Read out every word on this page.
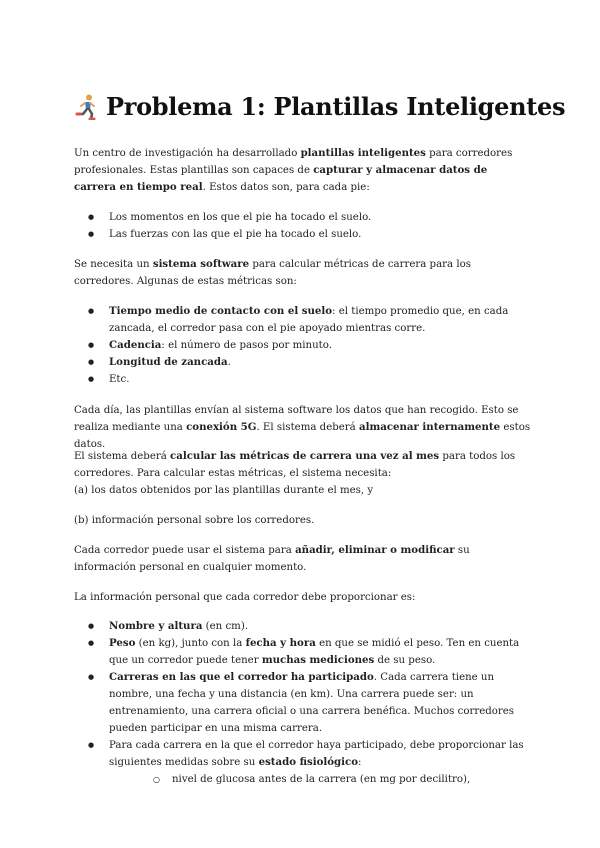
Problema 1: Plantillas Inteligentes

Un centro de investigación ha desarrollado plantillas inteligentes para corredores profesionales. Estas plantillas son capaces de capturar y almacenar datos de carrera en tiempo real. Estos datos son, para cada pie:

● Los momentos en los que el pie ha tocado el suelo.
● Las fuerzas con las que el pie ha tocado el suelo.

Se necesita un sistema software para calcular métricas de carrera para los corredores. Algunas de estas métricas son:

● Tiempo medio de contacto con el suelo: el tiempo promedio que, en cada zancada, el corredor pasa con el pie apoyado mientras corre.
● Cadencia: el número de pasos por minuto.
● Longitud de zancada.
● Etc.

Cada día, las plantillas envían al sistema software los datos que han recogido. Esto se realiza mediante una conexión 5G. El sistema deberá almacenar internamente estos datos.

El sistema deberá calcular las métricas de carrera una vez al mes para todos los corredores. Para calcular estas métricas, el sistema necesita:
(a) los datos obtenidos por las plantillas durante el mes, y

(b) información personal sobre los corredores.

Cada corredor puede usar el sistema para añadir, eliminar o modificar su información personal en cualquier momento.

La información personal que cada corredor debe proporcionar es:

● Nombre y altura (en cm).
● Peso (en kg), junto con la fecha y hora en que se midió el peso. Ten en cuenta que un corredor puede tener muchas mediciones de su peso.
● Carreras en las que el corredor ha participado. Cada carrera tiene un nombre, una fecha y una distancia (en km). Una carrera puede ser: un entrenamiento, una carrera oficial o una carrera benéfica. Muchos corredores pueden participar en una misma carrera.
● Para cada carrera en la que el corredor haya participado, debe proporcionar las siguientes medidas sobre su estado fisiológico:
○ nivel de glucosa antes de la carrera (en mg por decilitro),
